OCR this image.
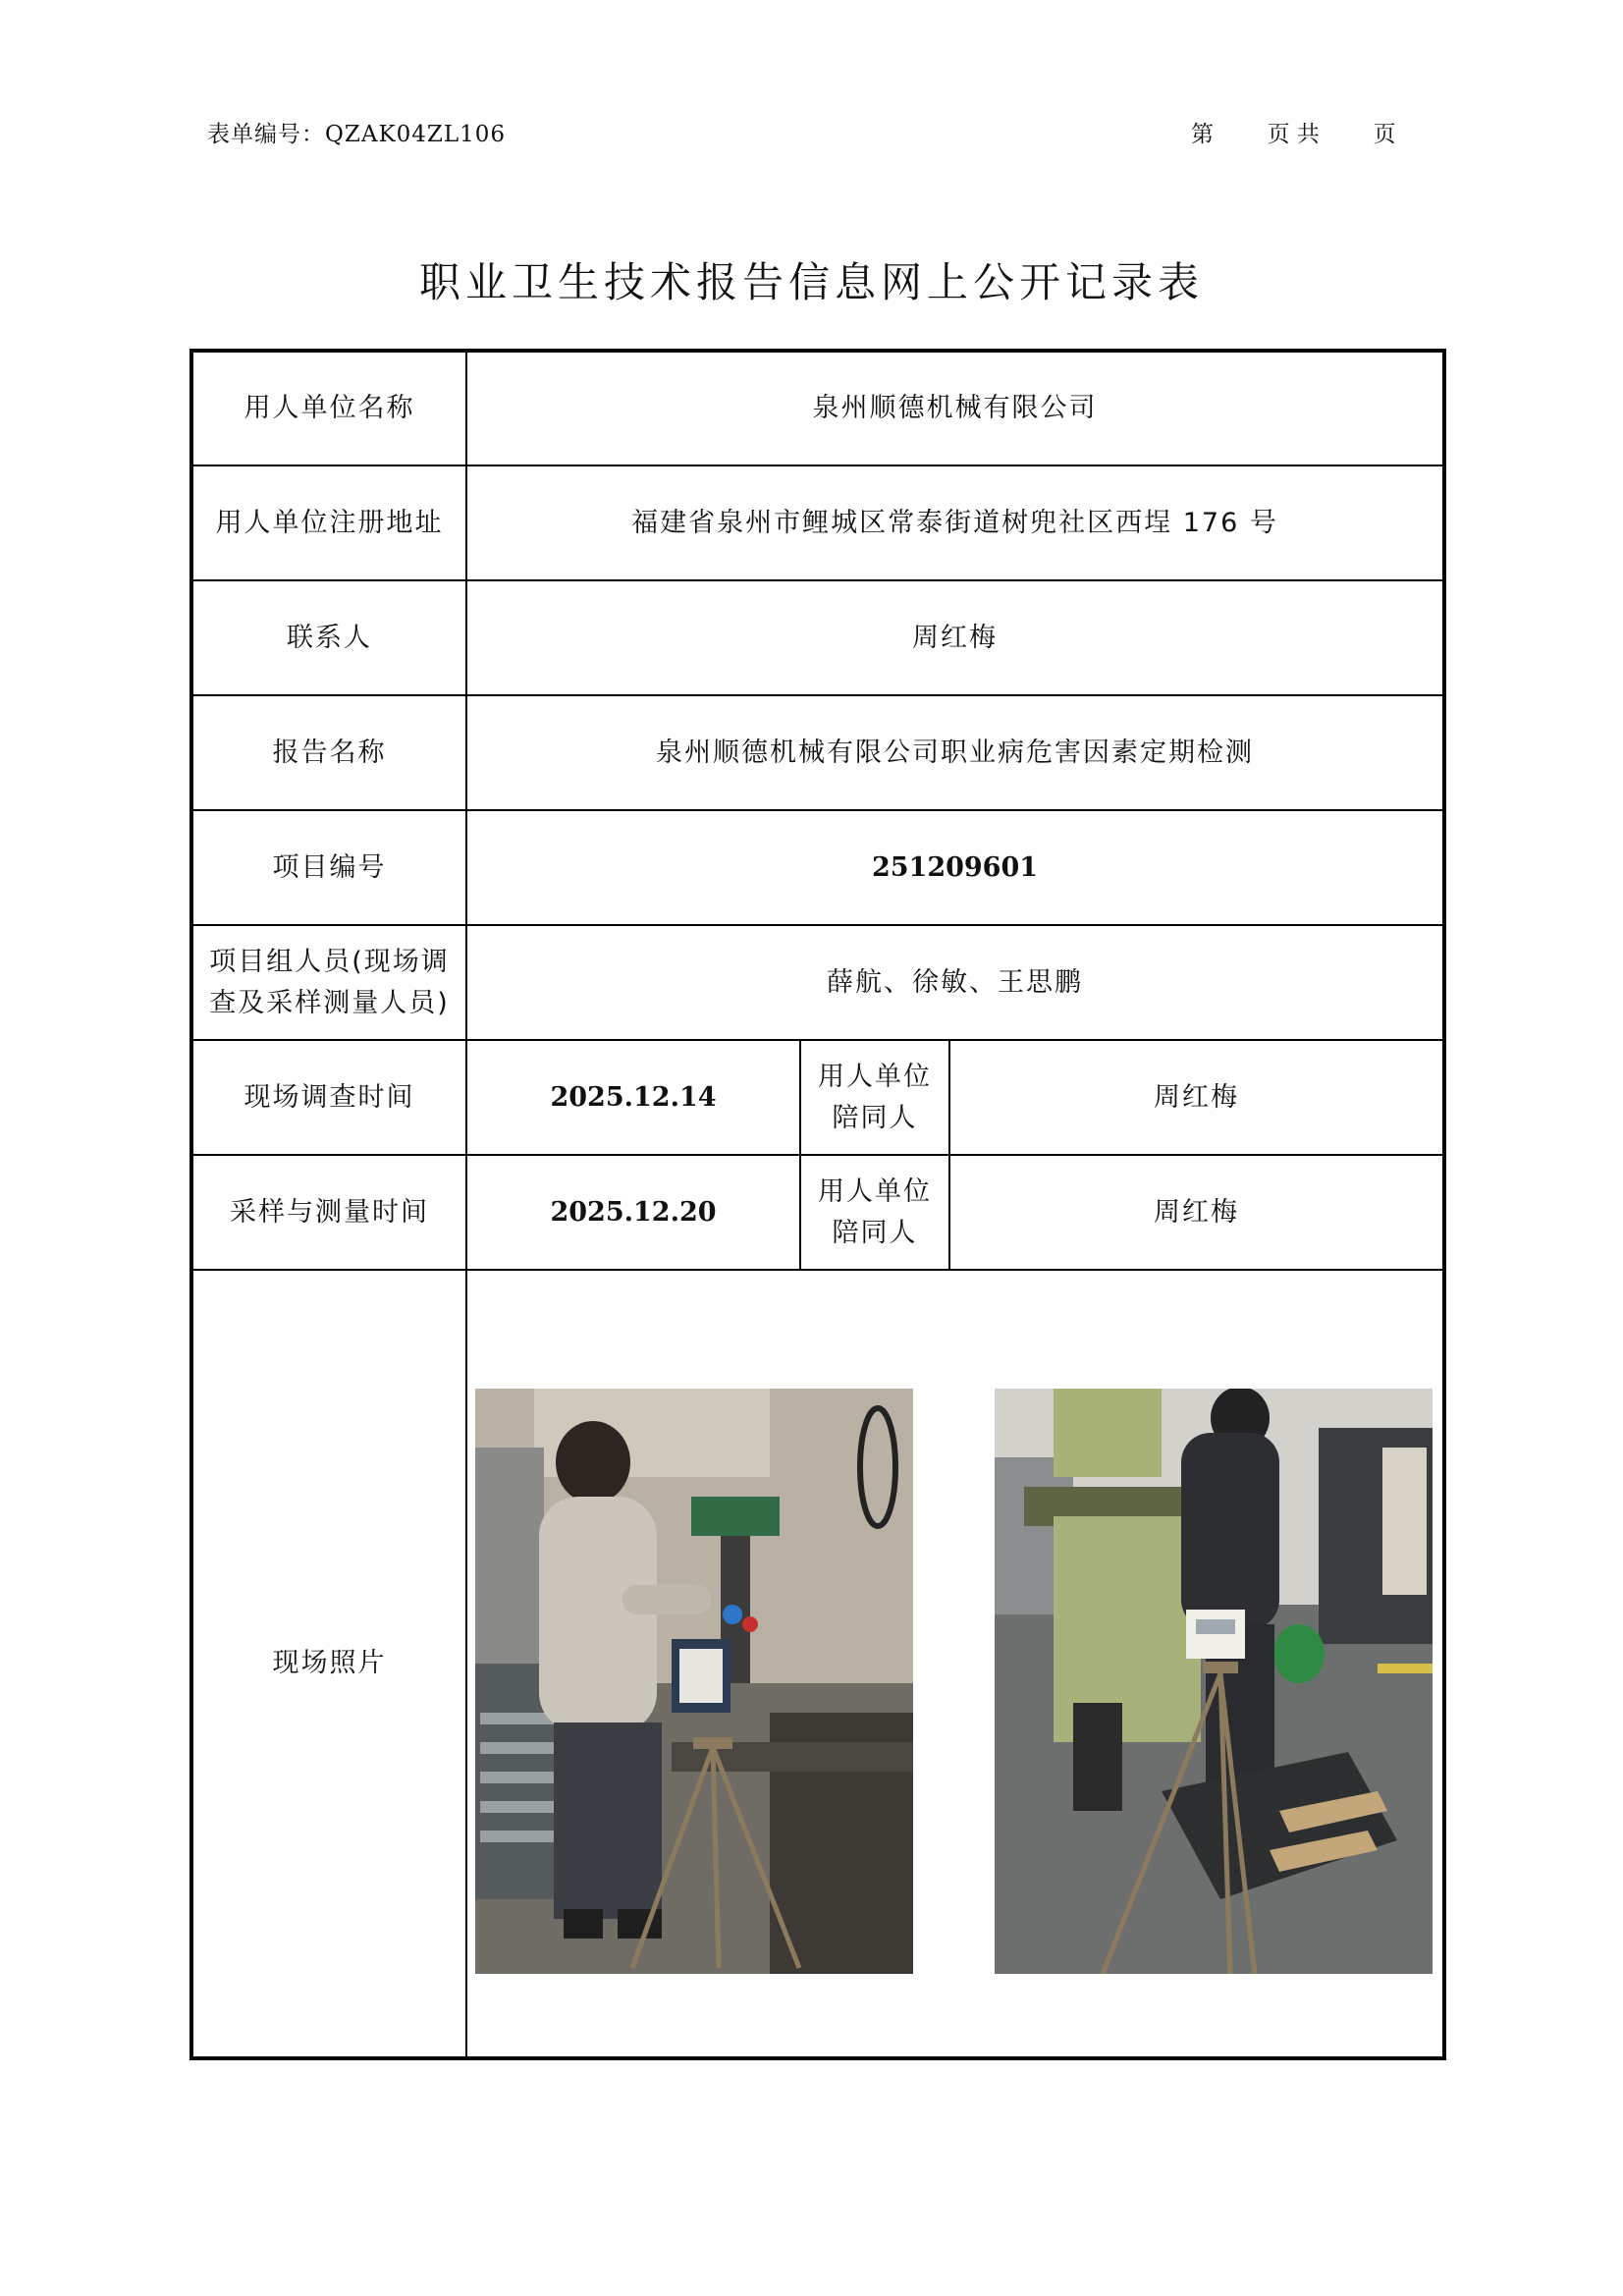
表单编号：QZAK04ZL106	第 页 共 页
职业卫生技术报告信息网上公开记录表
用人单位名称	泉州顺德机械有限公司		
用人单位注册地址	福建省泉州市鲤城区常泰街道树兜社区西埕 176 号		
联系人	周红梅		
报告名称	泉州顺德机械有限公司职业病危害因素定期检测		
项目编号	251209601		
项目组人员(现场调查及采样测量人员)	薛航、徐敏、王思鹏		
现场调查时间	2025.12.14	用人单位陪同人	周红梅
采样与测量时间	2025.12.20	用人单位陪同人	周红梅
现场照片	
